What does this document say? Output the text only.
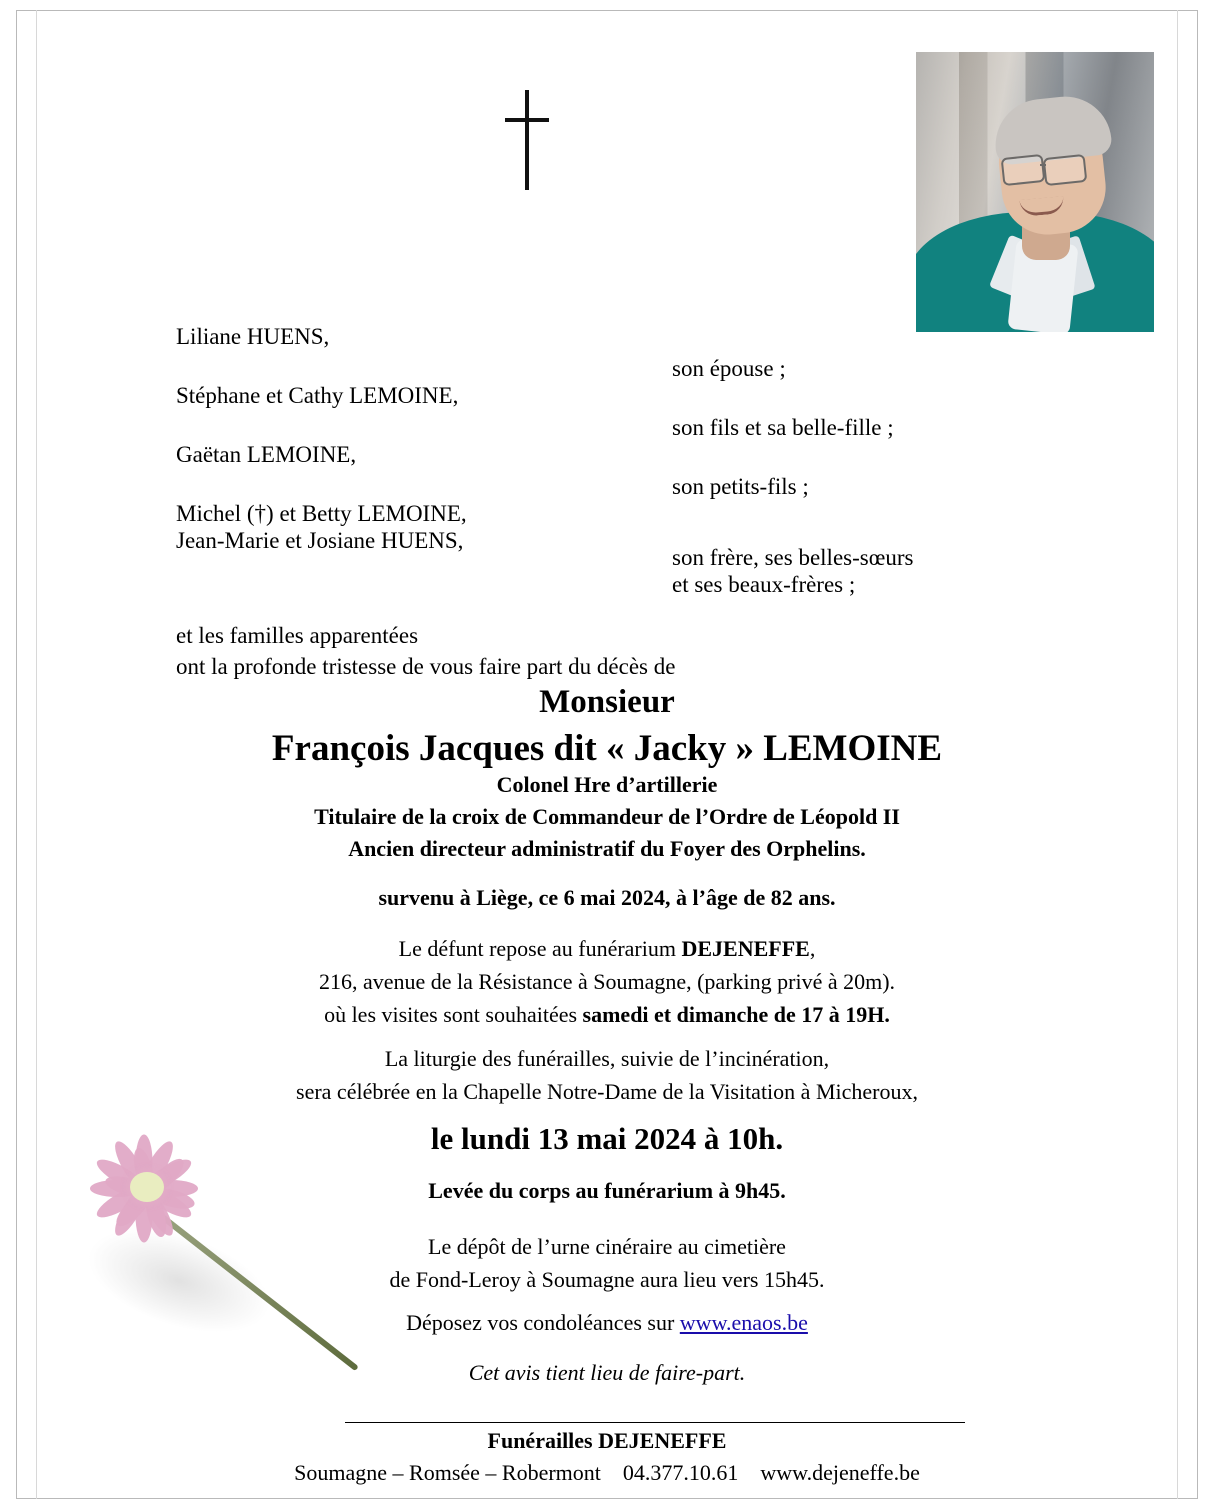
Liliane HUENS,
Stéphane et Cathy LEMOINE,
Gaëtan LEMOINE,
Michel (†) et Betty LEMOINE,
Jean-Marie et Josiane HUENS,
son épouse ;
son fils et sa belle-fille ;
son petits-fils ;
son frère, ses belles-sœurs
et ses beaux-frères ;
et les familles apparentées
ont la profonde tristesse de vous faire part du décès de
Monsieur
François Jacques dit « Jacky » LEMOINE
Colonel Hre d’artillerie
Titulaire de la croix de Commandeur de l’Ordre de Léopold II
Ancien directeur administratif du Foyer des Orphelins.
survenu à Liège, ce 6 mai 2024, à l’âge de 82 ans.
Le défunt repose au funérarium DEJENEFFE,
216, avenue de la Résistance à Soumagne, (parking privé à 20m).
où les visites sont souhaitées samedi et dimanche de 17 à 19H.
La liturgie des funérailles, suivie de l’incinération,
sera célébrée en la Chapelle Notre-Dame de la Visitation à Micheroux,
le lundi 13 mai 2024 à 10h.
Levée du corps au funérarium à 9h45.
Le dépôt de l’urne cinéraire au cimetière
de Fond-Leroy à Soumagne aura lieu vers 15h45.
Déposez vos condoléances sur www.enaos.be
Cet avis tient lieu de faire-part.
Funérailles DEJENEFFE
Soumagne – Romsée – Robermont 04.377.10.61 www.dejeneffe.be
